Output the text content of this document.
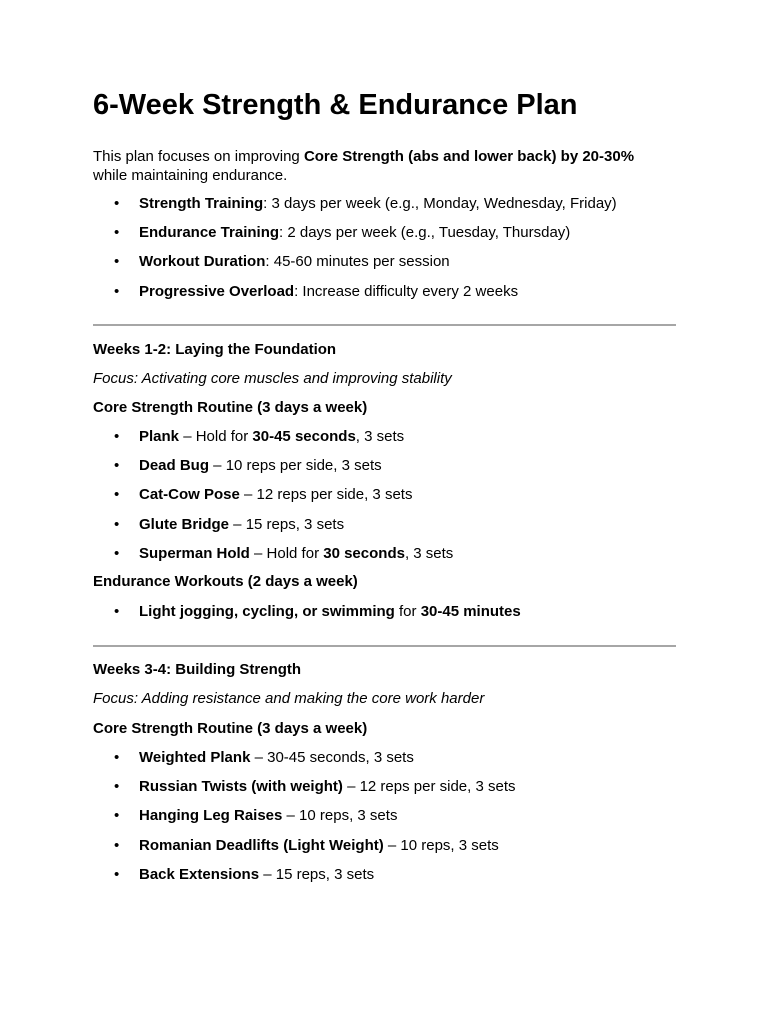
6-Week Strength & Endurance Plan

This plan focuses on improving Core Strength (abs and lower back) by 20-30%
while maintaining endurance.

• Strength Training: 3 days per week (e.g., Monday, Wednesday, Friday)
• Endurance Training: 2 days per week (e.g., Tuesday, Thursday)
• Workout Duration: 45-60 minutes per session
• Progressive Overload: Increase difficulty every 2 weeks

Weeks 1-2: Laying the Foundation

Focus: Activating core muscles and improving stability

Core Strength Routine (3 days a week)

• Plank – Hold for 30-45 seconds, 3 sets
• Dead Bug – 10 reps per side, 3 sets
• Cat-Cow Pose – 12 reps per side, 3 sets
• Glute Bridge – 15 reps, 3 sets
• Superman Hold – Hold for 30 seconds, 3 sets

Endurance Workouts (2 days a week)

• Light jogging, cycling, or swimming for 30-45 minutes

Weeks 3-4: Building Strength

Focus: Adding resistance and making the core work harder

Core Strength Routine (3 days a week)

• Weighted Plank – 30-45 seconds, 3 sets
• Russian Twists (with weight) – 12 reps per side, 3 sets
• Hanging Leg Raises – 10 reps, 3 sets
• Romanian Deadlifts (Light Weight) – 10 reps, 3 sets
• Back Extensions – 15 reps, 3 sets
